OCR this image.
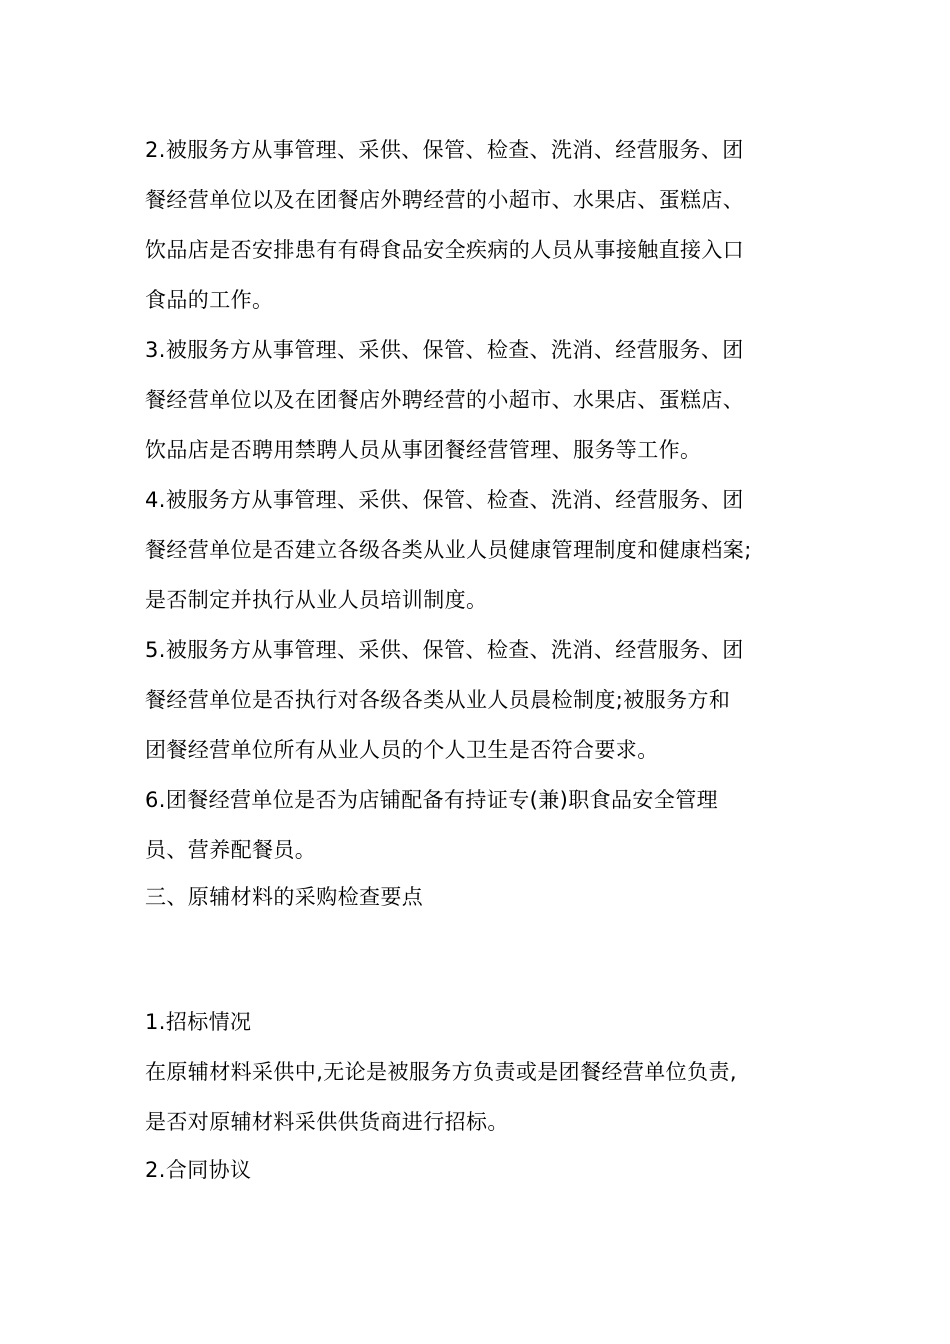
2.被服务方从事管理、采供、保管、检查、洗消、经营服务、团
餐经营单位以及在团餐店外聘经营的小超市、水果店、蛋糕店、
饮品店是否安排患有有碍食品安全疾病的人员从事接触直接入口
食品的工作。
3.被服务方从事管理、采供、保管、检查、洗消、经营服务、团
餐经营单位以及在团餐店外聘经营的小超市、水果店、蛋糕店、
饮品店是否聘用禁聘人员从事团餐经营管理、服务等工作。
4.被服务方从事管理、采供、保管、检查、洗消、经营服务、团
餐经营单位是否建立各级各类从业人员健康管理制度和健康档案;
是否制定并执行从业人员培训制度。
5.被服务方从事管理、采供、保管、检查、洗消、经营服务、团
餐经营单位是否执行对各级各类从业人员晨检制度;被服务方和
团餐经营单位所有从业人员的个人卫生是否符合要求。
6.团餐经营单位是否为店铺配备有持证专(兼)职食品安全管理
员、营养配餐员。
三、原辅材料的采购检查要点
1.招标情况
在原辅材料采供中,无论是被服务方负责或是团餐经营单位负责,
是否对原辅材料采供供货商进行招标。
2.合同协议
